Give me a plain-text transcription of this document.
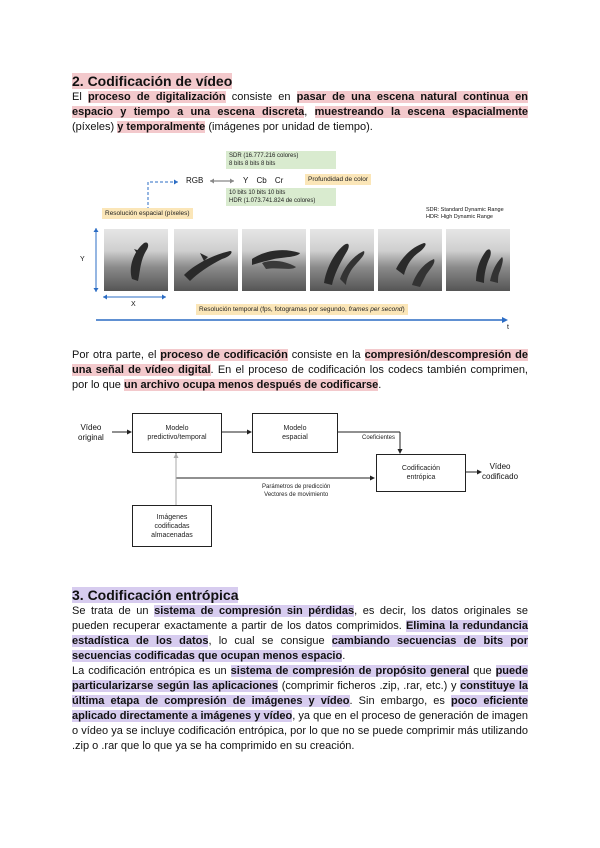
2. Codificación de vídeo
El proceso de digitalización consiste en pasar de una escena natural continua en espacio y tiempo a una escena discreta, muestreando la escena espacialmente (píxeles) y temporalmente (imágenes por unidad de tiempo).
SDR (16.777.216 colores)
8 bits 8 bits 8 bits
RGB	Y Cb Cr	Profundidad de color
10 bits 10 bits 10 bits
HDR (1.073.741.824 de colores)
Resolución espacial (píxeles)	SDR: Standard Dynamic Range
HDR: High Dynamic Range
Y
X
Resolución temporal (fps, fotogramas por segundo, frames per second)
t
Por otra parte, el proceso de codificación consiste en la compresión/descompresión de una señal de vídeo digital. En el proceso de codificación los codecs también comprimen, por lo que un archivo ocupa menos después de codificarse.
Vídeo
original
Modelo
predictivo/temporal
Modelo
espacial	Coeficientes
Codificación
entrópica
Vídeo
codificado
Parámetros de predicción
Vectores de movimiento
Imágenes
codificadas
almacenadas
3. Codificación entrópica
Se trata de un sistema de compresión sin pérdidas, es decir, los datos originales se pueden recuperar exactamente a partir de los datos comprimidos. Elimina la redundancia estadística de los datos, lo cual se consigue cambiando secuencias de bits por secuencias codificadas que ocupan menos espacio.
La codificación entrópica es un sistema de compresión de propósito general que puede particularizarse según las aplicaciones (comprimir ficheros .zip, .rar, etc.) y constituye la última etapa de compresión de imágenes y vídeo. Sin embargo, es poco eficiente aplicado directamente a imágenes y vídeo, ya que en el proceso de generación de imagen o vídeo ya se incluye codificación entrópica, por lo que no se puede comprimir más utilizando .zip o .rar que lo que ya se ha comprimido en su creación.
